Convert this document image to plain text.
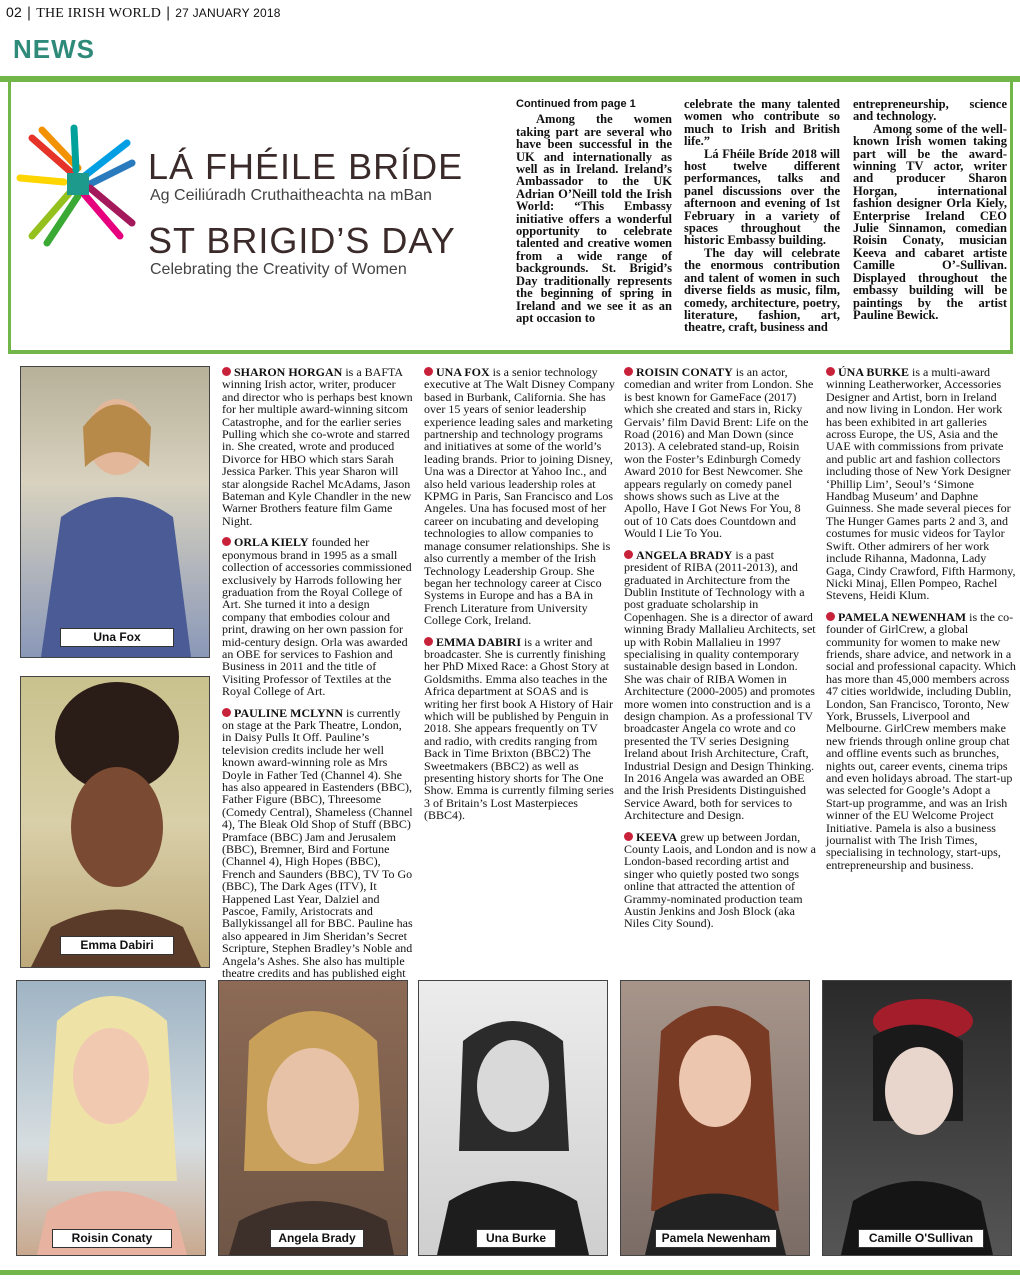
02 | THE IRISH WORLD | 27 JANUARY 2018
NEWS
LÁ FHÉILE BRÍDE
Ag Ceiliúradh Cruthaitheachta na mBan
ST BRIGID’S DAY
Celebrating the Creativity of Women
Continued from page 1

Among the women taking part are several who have been successful in the UK and internationally as well as in Ireland. Ireland’s Ambassador to the UK Adrian O’Neill told the Irish World: “This Embassy initiative offers a wonderful opportunity to celebrate talented and creative women from a wide range of backgrounds. St. Brigid’s Day traditionally represents the beginning of spring in Ireland and we see it as an apt occasion to

celebrate the many talented women who contribute so much to Irish and British life.”

Lá Fhéile Bríde 2018 will host twelve different performances, talks and panel discussions over the afternoon and evening of 1st February in a variety of spaces throughout the historic Embassy building.

The day will celebrate the enormous contribution and talent of women in such diverse fields as music, film, comedy, architecture, poetry, literature, fashion, art, theatre, craft, business and

entrepreneurship, science and technology.

Among some of the well-known Irish women taking part will be the award-winning TV actor, writer and producer Sharon Horgan, international fashion designer Orla Kiely, Enterprise Ireland CEO Julie Sinnamon, comedian Roisin Conaty, musician Keeva and cabaret artiste Camille O’-Sullivan. Displayed throughout the embassy building will be paintings by the artist Pauline Bewick.

Una Fox
Emma Dabiri

SHARON HORGAN is a BAFTA winning Irish actor, writer, producer and director who is perhaps best known for her multiple award-winning sitcom Catastrophe, and for the earlier series Pulling which she co-wrote and starred in. She created, wrote and produced Divorce for HBO which stars Sarah Jessica Parker. This year Sharon will star alongside Rachel McAdams, Jason Bateman and Kyle Chandler in the new Warner Brothers feature film Game Night.

ORLA KIELY founded her eponymous brand in 1995 as a small collection of accessories commissioned exclusively by Harrods following her graduation from the Royal College of Art. She turned it into a design company that embodies colour and print, drawing on her own passion for mid-century design. Orla was awarded an OBE for services to Fashion and Business in 2011 and the title of Visiting Professor of Textiles at the Royal College of Art.

PAULINE MCLYNN is currently on stage at the Park Theatre, London, in Daisy Pulls It Off. Pauline’s television credits include her well known award-winning role as Mrs Doyle in Father Ted (Channel 4). She has also appeared in Eastenders (BBC), Father Figure (BBC), Threesome (Comedy Central), Shameless (Channel 4), The Bleak Old Shop of Stuff (BBC) Pramface (BBC) Jam and Jerusalem (BBC), Bremner, Bird and Fortune (Channel 4), High Hopes (BBC), French and Saunders (BBC), TV To Go (BBC), The Dark Ages (ITV), It Happened Last Year, Dalziel and Pascoe, Family, Aristocrats and Ballykissangel all for BBC. Pauline has also appeared in Jim Sheridan’s Secret Scripture, Stephen Bradley’s Noble and Angela’s Ashes. She also has multiple theatre credits and has published eight

UNA FOX is a senior technology executive at The Walt Disney Company based in Burbank, California. She has over 15 years of senior leadership experience leading sales and marketing partnership and technology programs and initiatives at some of the world’s leading brands. Prior to joining Disney, Una was a Director at Yahoo Inc., and also held various leadership roles at KPMG in Paris, San Francisco and Los Angeles. Una has focused most of her career on incubating and developing technologies to allow companies to manage consumer relationships. She is also currently a member of the Irish Technology Leadership Group. She began her technology career at Cisco Systems in Europe and has a BA in French Literature from University College Cork, Ireland.

EMMA DABIRI is a writer and broadcaster. She is currently finishing her PhD Mixed Race: a Ghost Story at Goldsmiths. Emma also teaches in the Africa department at SOAS and is writing her first book A History of Hair which will be published by Penguin in 2018. She appears frequently on TV and radio, with credits ranging from Back in Time Brixton (BBC2) The Sweetmakers (BBC2) as well as presenting history shorts for The One Show. Emma is currently filming series 3 of Britain’s Lost Masterpieces (BBC4).

ROISIN CONATY is an actor, comedian and writer from London. She is best known for GameFace (2017) which she created and stars in, Ricky Gervais’ film David Brent: Life on the Road (2016) and Man Down (since 2013). A celebrated stand-up, Roisin won the Foster’s Edinburgh Comedy Award 2010 for Best Newcomer. She appears regularly on comedy panel shows shows such as Live at the Apollo, Have I Got News For You, 8 out of 10 Cats does Countdown and Would I Lie To You.

ANGELA BRADY is a past president of RIBA (2011-2013), and graduated in Architecture from the Dublin Institute of Technology with a post graduate scholarship in Copenhagen. She is a director of award winning Brady Mallalieu Architects, set up with Robin Mallalieu in 1997 specialising in quality contemporary sustainable design based in London. She was chair of RIBA Women in Architecture (2000-2005) and promotes more women into construction and is a design champion. As a professional TV broadcaster Angela co wrote and co presented the TV series Designing Ireland about Irish Architecture, Craft, Industrial Design and Design Thinking. In 2016 Angela was awarded an OBE and the Irish Presidents Distinguished Service Award, both for services to Architecture and Design.

KEEVA grew up between Jordan, County Laois, and London and is now a London-based recording artist and singer who quietly posted two songs online that attracted the attention of Grammy-nominated production team Austin Jenkins and Josh Block (aka Niles City Sound).

ÚNA BURKE is a multi-award winning Leatherworker, Accessories Designer and Artist, born in Ireland and now living in London. Her work has been exhibited in art galleries across Europe, the US, Asia and the UAE with commissions from private and public art and fashion collectors including those of New York Designer ‘Phillip Lim’, Seoul’s ‘Simone Handbag Museum’ and Daphne Guinness. She made several pieces for The Hunger Games parts 2 and 3, and costumes for music videos for Taylor Swift. Other admirers of her work include Rihanna, Madonna, Lady Gaga, Cindy Crawford, Fifth Harmony, Nicki Minaj, Ellen Pompeo, Rachel Stevens, Heidi Klum.

PAMELA NEWENHAM is the co-founder of GirlCrew, a global community for women to make new friends, share advice, and network in a social and professional capacity. Which has more than 45,000 members across 47 cities worldwide, including Dublin, London, San Francisco, Toronto, New York, Brussels, Liverpool and Melbourne. GirlCrew members make new friends through online group chat and offline events such as brunches, nights out, career events, cinema trips and even holidays abroad. The start-up was selected for Google’s Adopt a Start-up programme, and was an Irish winner of the EU Welcome Project Initiative. Pamela is also a business journalist with The Irish Times, specialising in technology, start-ups, entrepreneurship and business.

Roisin Conaty	Angela Brady	Una Burke	Pamela Newenham	Camille O'Sullivan
